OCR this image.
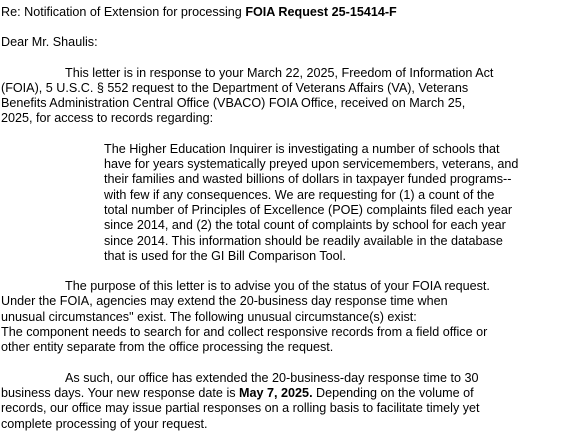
Re: Notification of Extension for processing FOIA Request 25-15414-F

Dear Mr. Shaulis:

This letter is in response to your March 22, 2025, Freedom of Information Act

(FOIA), 5 U.S.C. § 552 request to the Department of Veterans Affairs (VA), Veterans

Benefits Administration Central Office (VBACO) FOIA Office, received on March 25,

2025, for access to records regarding:

The Higher Education Inquirer is investigating a number of schools that

have for years systematically preyed upon servicemembers, veterans, and

their families and wasted billions of dollars in taxpayer funded programs--

with few if any consequences. We are requesting for (1) a count of the

total number of Principles of Excellence (POE) complaints filed each year

since 2014, and (2) the total count of complaints by school for each year

since 2014. This information should be readily available in the database

that is used for the GI Bill Comparison Tool.

The purpose of this letter is to advise you of the status of your FOIA request.

Under the FOIA, agencies may extend the 20-business day response time when

unusual circumstances" exist. The following unusual circumstance(s) exist:

The component needs to search for and collect responsive records from a field office or

other entity separate from the office processing the request.

As such, our office has extended the 20-business-day response time to 30

business days. Your new response date is May 7, 2025. Depending on the volume of

records, our office may issue partial responses on a rolling basis to facilitate timely yet

complete processing of your request.
